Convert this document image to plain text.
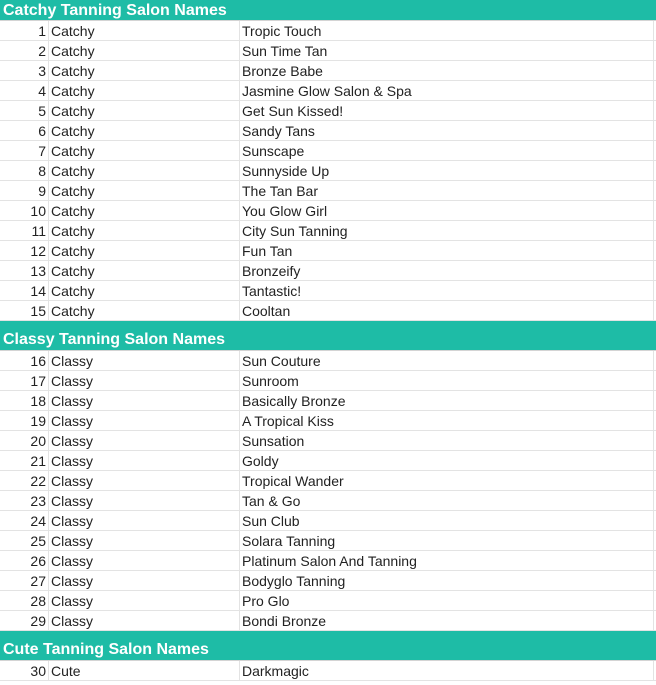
Catchy Tanning Salon Names
1 Catchy	Tropic Touch
2 Catchy	Sun Time Tan
3 Catchy	Bronze Babe
4 Catchy	Jasmine Glow Salon & Spa
5 Catchy	Get Sun Kissed!
6 Catchy	Sandy Tans
7 Catchy	Sunscape
8 Catchy	Sunnyside Up
9 Catchy	The Tan Bar
10 Catchy	You Glow Girl
11 Catchy	City Sun Tanning
12 Catchy	Fun Tan
13 Catchy	Bronzeify
14 Catchy	Tantastic!
15 Catchy	Cooltan
Classy Tanning Salon Names
16 Classy	Sun Couture
17 Classy	Sunroom
18 Classy	Basically Bronze
19 Classy	A Tropical Kiss
20 Classy	Sunsation
21 Classy	Goldy
22 Classy	Tropical Wander
23 Classy	Tan & Go
24 Classy	Sun Club
25 Classy	Solara Tanning
26 Classy	Platinum Salon And Tanning
27 Classy	Bodyglo Tanning
28 Classy	Pro Glo
29 Classy	Bondi Bronze
Cute Tanning Salon Names
30 Cute	Darkmagic
